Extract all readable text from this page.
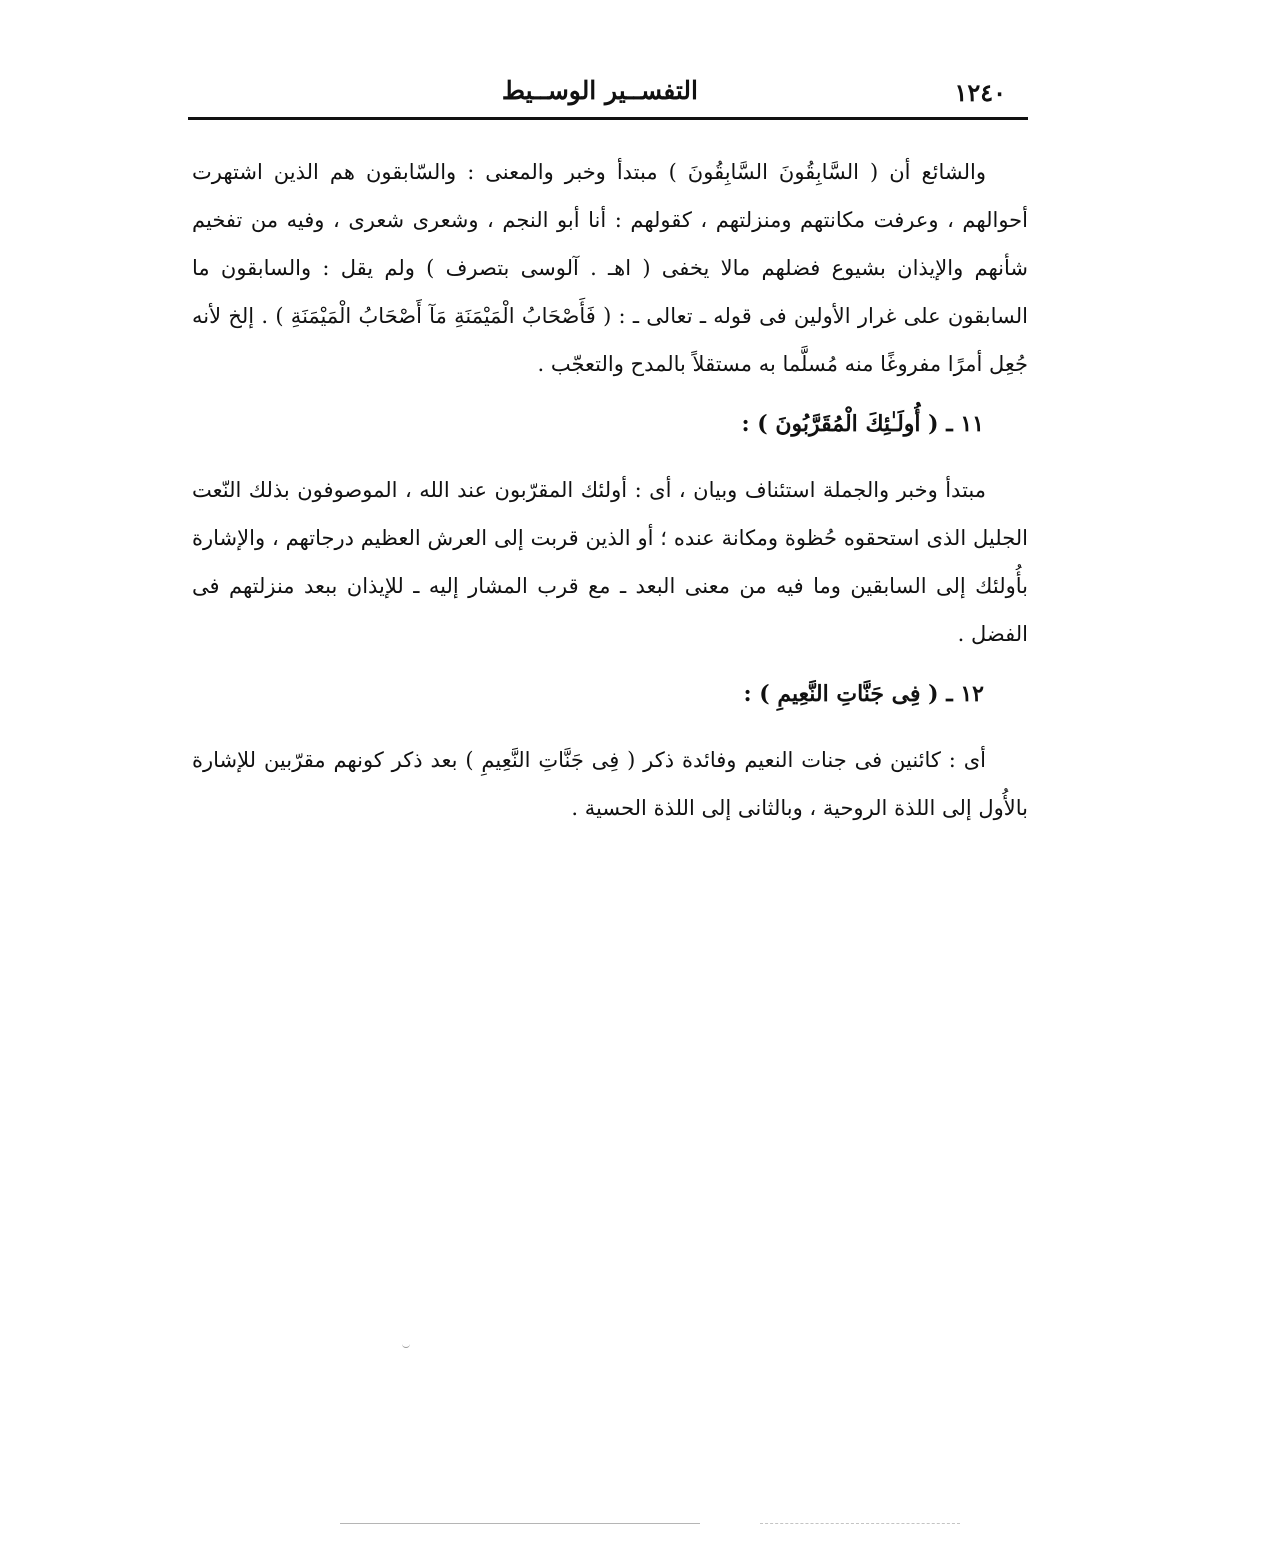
١٢٤٠
التفســير الوســيط

والشائع أن ( السَّابِقُونَ السَّابِقُونَ ) مبتدأ وخبر والمعنى : والسّابقون هم الذين اشتهرت أحوالهم ، وعرفت مكانتهم ومنزلتهم ، كقولهم : أنا أبو النجم ، وشعرى شعرى ، وفيه من تفخيم شأنهم والإيذان بشيوع فضلهم مالا يخفى ( اهـ . آلوسى بتصرف ) ولم يقل : والسابقون ما السابقون على غرار الأولين فى قوله ـ تعالى ـ : ( فَأَصْحَابُ الْمَيْمَنَةِ مَآ أَصْحَابُ الْمَيْمَنَةِ ) . إلخ لأنه جُعِل أمرًا مفروغًا منه مُسلَّما به مستقلاً بالمدح والتعجّب .

١١ ـ ( أُولَـٰئِكَ الْمُقَرَّبُونَ ) :

مبتدأ وخبر والجملة استئناف وبيان ، أى : أولئك المقرّبون عند الله ، الموصوفون بذلك النّعت الجليل الذى استحقوه حُظوة ومكانة عنده ؛ أو الذين قربت إلى العرش العظيم درجاتهم ، والإشارة بأُولئك إلى السابقين وما فيه من معنى البعد ـ مع قرب المشار إليه ـ للإيذان ببعد منزلتهم فى الفضل .

١٢ ـ ( فِى جَنَّاتِ النَّعِيمِ ) :

أى : كائنين فى جنات النعيم وفائدة ذكر ( فِى جَنَّاتِ النَّعِيمِ ) بعد ذكر كونهم مقرّبين للإشارة بالأُول إلى اللذة الروحية ، وبالثانى إلى اللذة الحسية .
